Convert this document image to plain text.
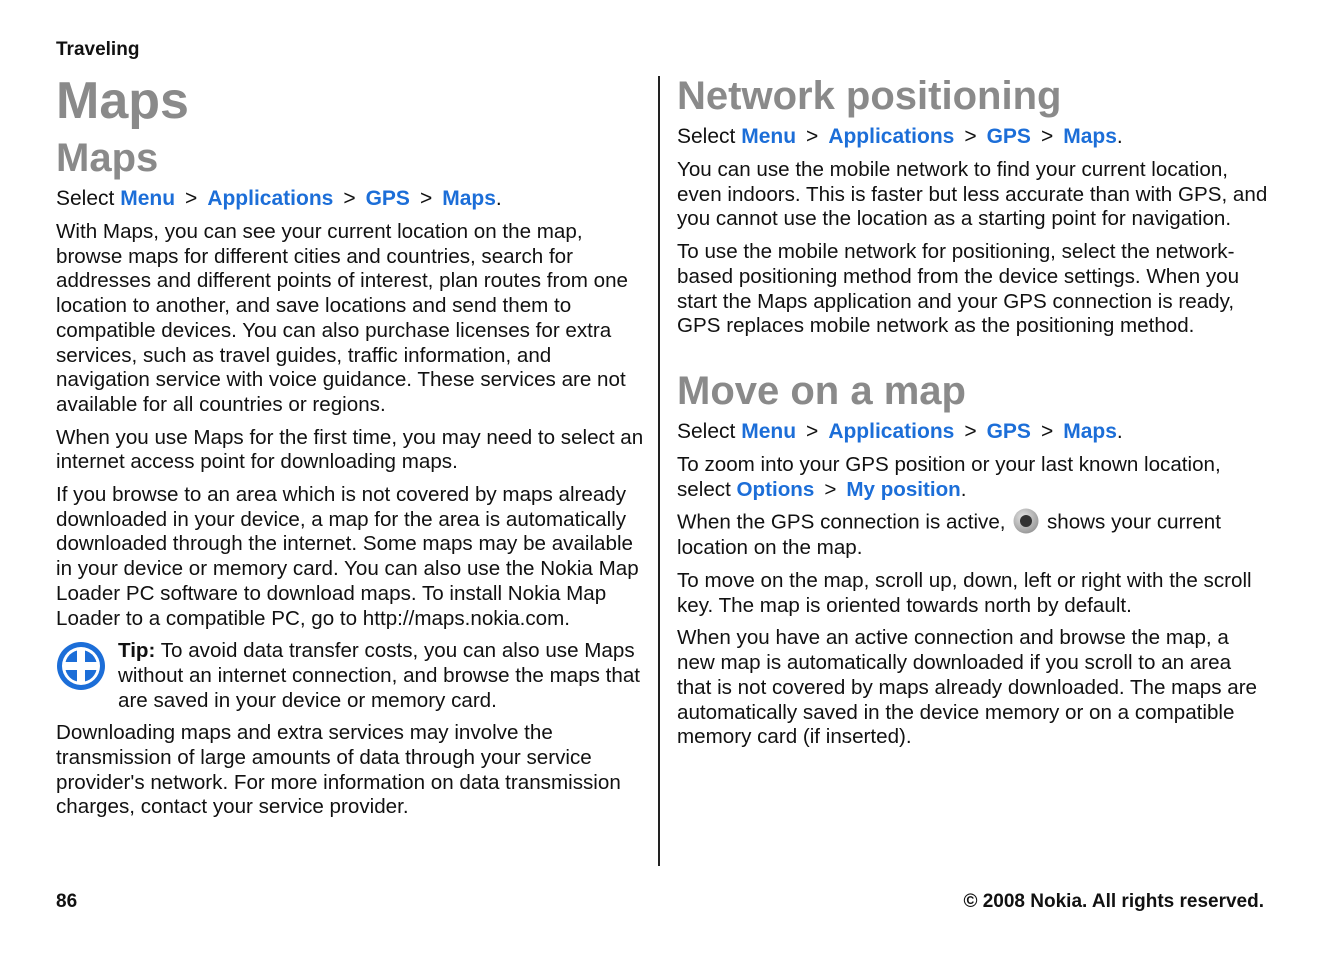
Traveling
Maps
Maps
Select Menu > Applications > GPS > Maps.

With Maps, you can see your current location on the map, browse maps for different cities and countries, search for addresses and different points of interest, plan routes from one location to another, and save locations and send them to compatible devices. You can also purchase licenses for extra services, such as travel guides, traffic information, and navigation service with voice guidance. These services are not available for all countries or regions.

When you use Maps for the first time, you may need to select an internet access point for downloading maps.

If you browse to an area which is not covered by maps already downloaded in your device, a map for the area is automatically downloaded through the internet. Some maps may be available in your device or memory card. You can also use the Nokia Map Loader PC software to download maps. To install Nokia Map Loader to a compatible PC, go to http://maps.nokia.com.

Tip: To avoid data transfer costs, you can also use Maps without an internet connection, and browse the maps that are saved in your device or memory card.

Downloading maps and extra services may involve the transmission of large amounts of data through your service provider's network. For more information on data transmission charges, contact your service provider.

Network positioning
Select Menu > Applications > GPS > Maps.

You can use the mobile network to find your current location, even indoors. This is faster but less accurate than with GPS, and you cannot use the location as a starting point for navigation.

To use the mobile network for positioning, select the network-based positioning method from the device settings. When you start the Maps application and your GPS connection is ready, GPS replaces mobile network as the positioning method.

Move on a map
Select Menu > Applications > GPS > Maps.

To zoom into your GPS position or your last known location, select Options > My position.

When the GPS connection is active,  shows your current location on the map.

To move on the map, scroll up, down, left or right with the scroll key. The map is oriented towards north by default.

When you have an active connection and browse the map, a new map is automatically downloaded if you scroll to an area that is not covered by maps already downloaded. The maps are automatically saved in the device memory or on a compatible memory card (if inserted).

86	© 2008 Nokia. All rights reserved.
